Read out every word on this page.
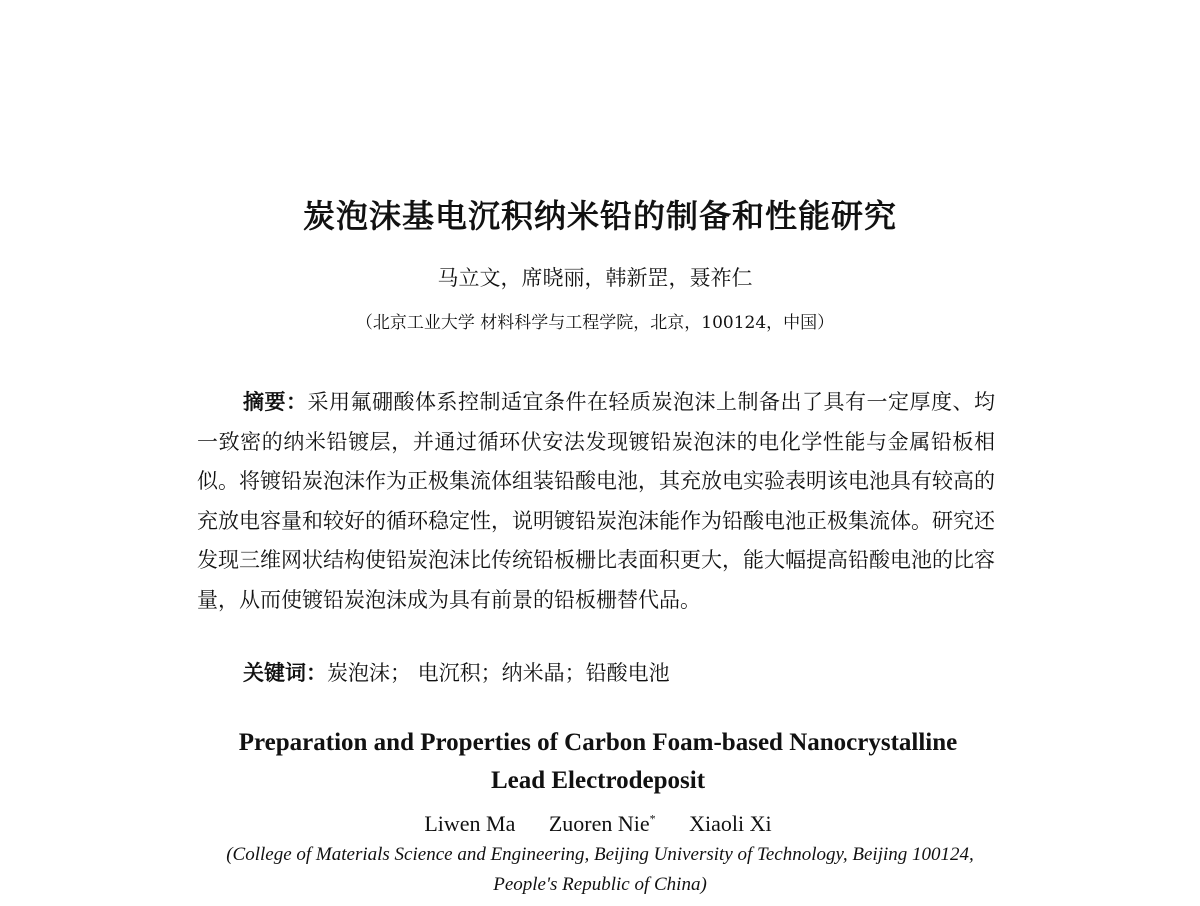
炭泡沫基电沉积纳米铅的制备和性能研究
马立文，席晓丽，韩新罡，聂祚仁
（北京工业大学 材料科学与工程学院，北京，100124，中国）

摘要：采用氟硼酸体系控制适宜条件在轻质炭泡沫上制备出了具有一定厚度、均一致密的纳米铅镀层，并通过循环伏安法发现镀铅炭泡沫的电化学性能与金属铅板相似。将镀铅炭泡沫作为正极集流体组装铅酸电池，其充放电实验表明该电池具有较高的充放电容量和较好的循环稳定性，说明镀铅炭泡沫能作为铅酸电池正极集流体。研究还发现三维网状结构使铅炭泡沫比传统铅板栅比表面积更大，能大幅提高铅酸电池的比容量，从而使镀铅炭泡沫成为具有前景的铅板栅替代品。

关键词：炭泡沫； 电沉积；纳米晶；铅酸电池
Preparation and Properties of Carbon Foam-based Nanocrystalline
Lead Electrodeposit
Liwen Ma Zuoren Nie* Xiaoli Xi
(College of Materials Science and Engineering, Beijing University of Technology, Beijing 100124,
People's Republic of China)
